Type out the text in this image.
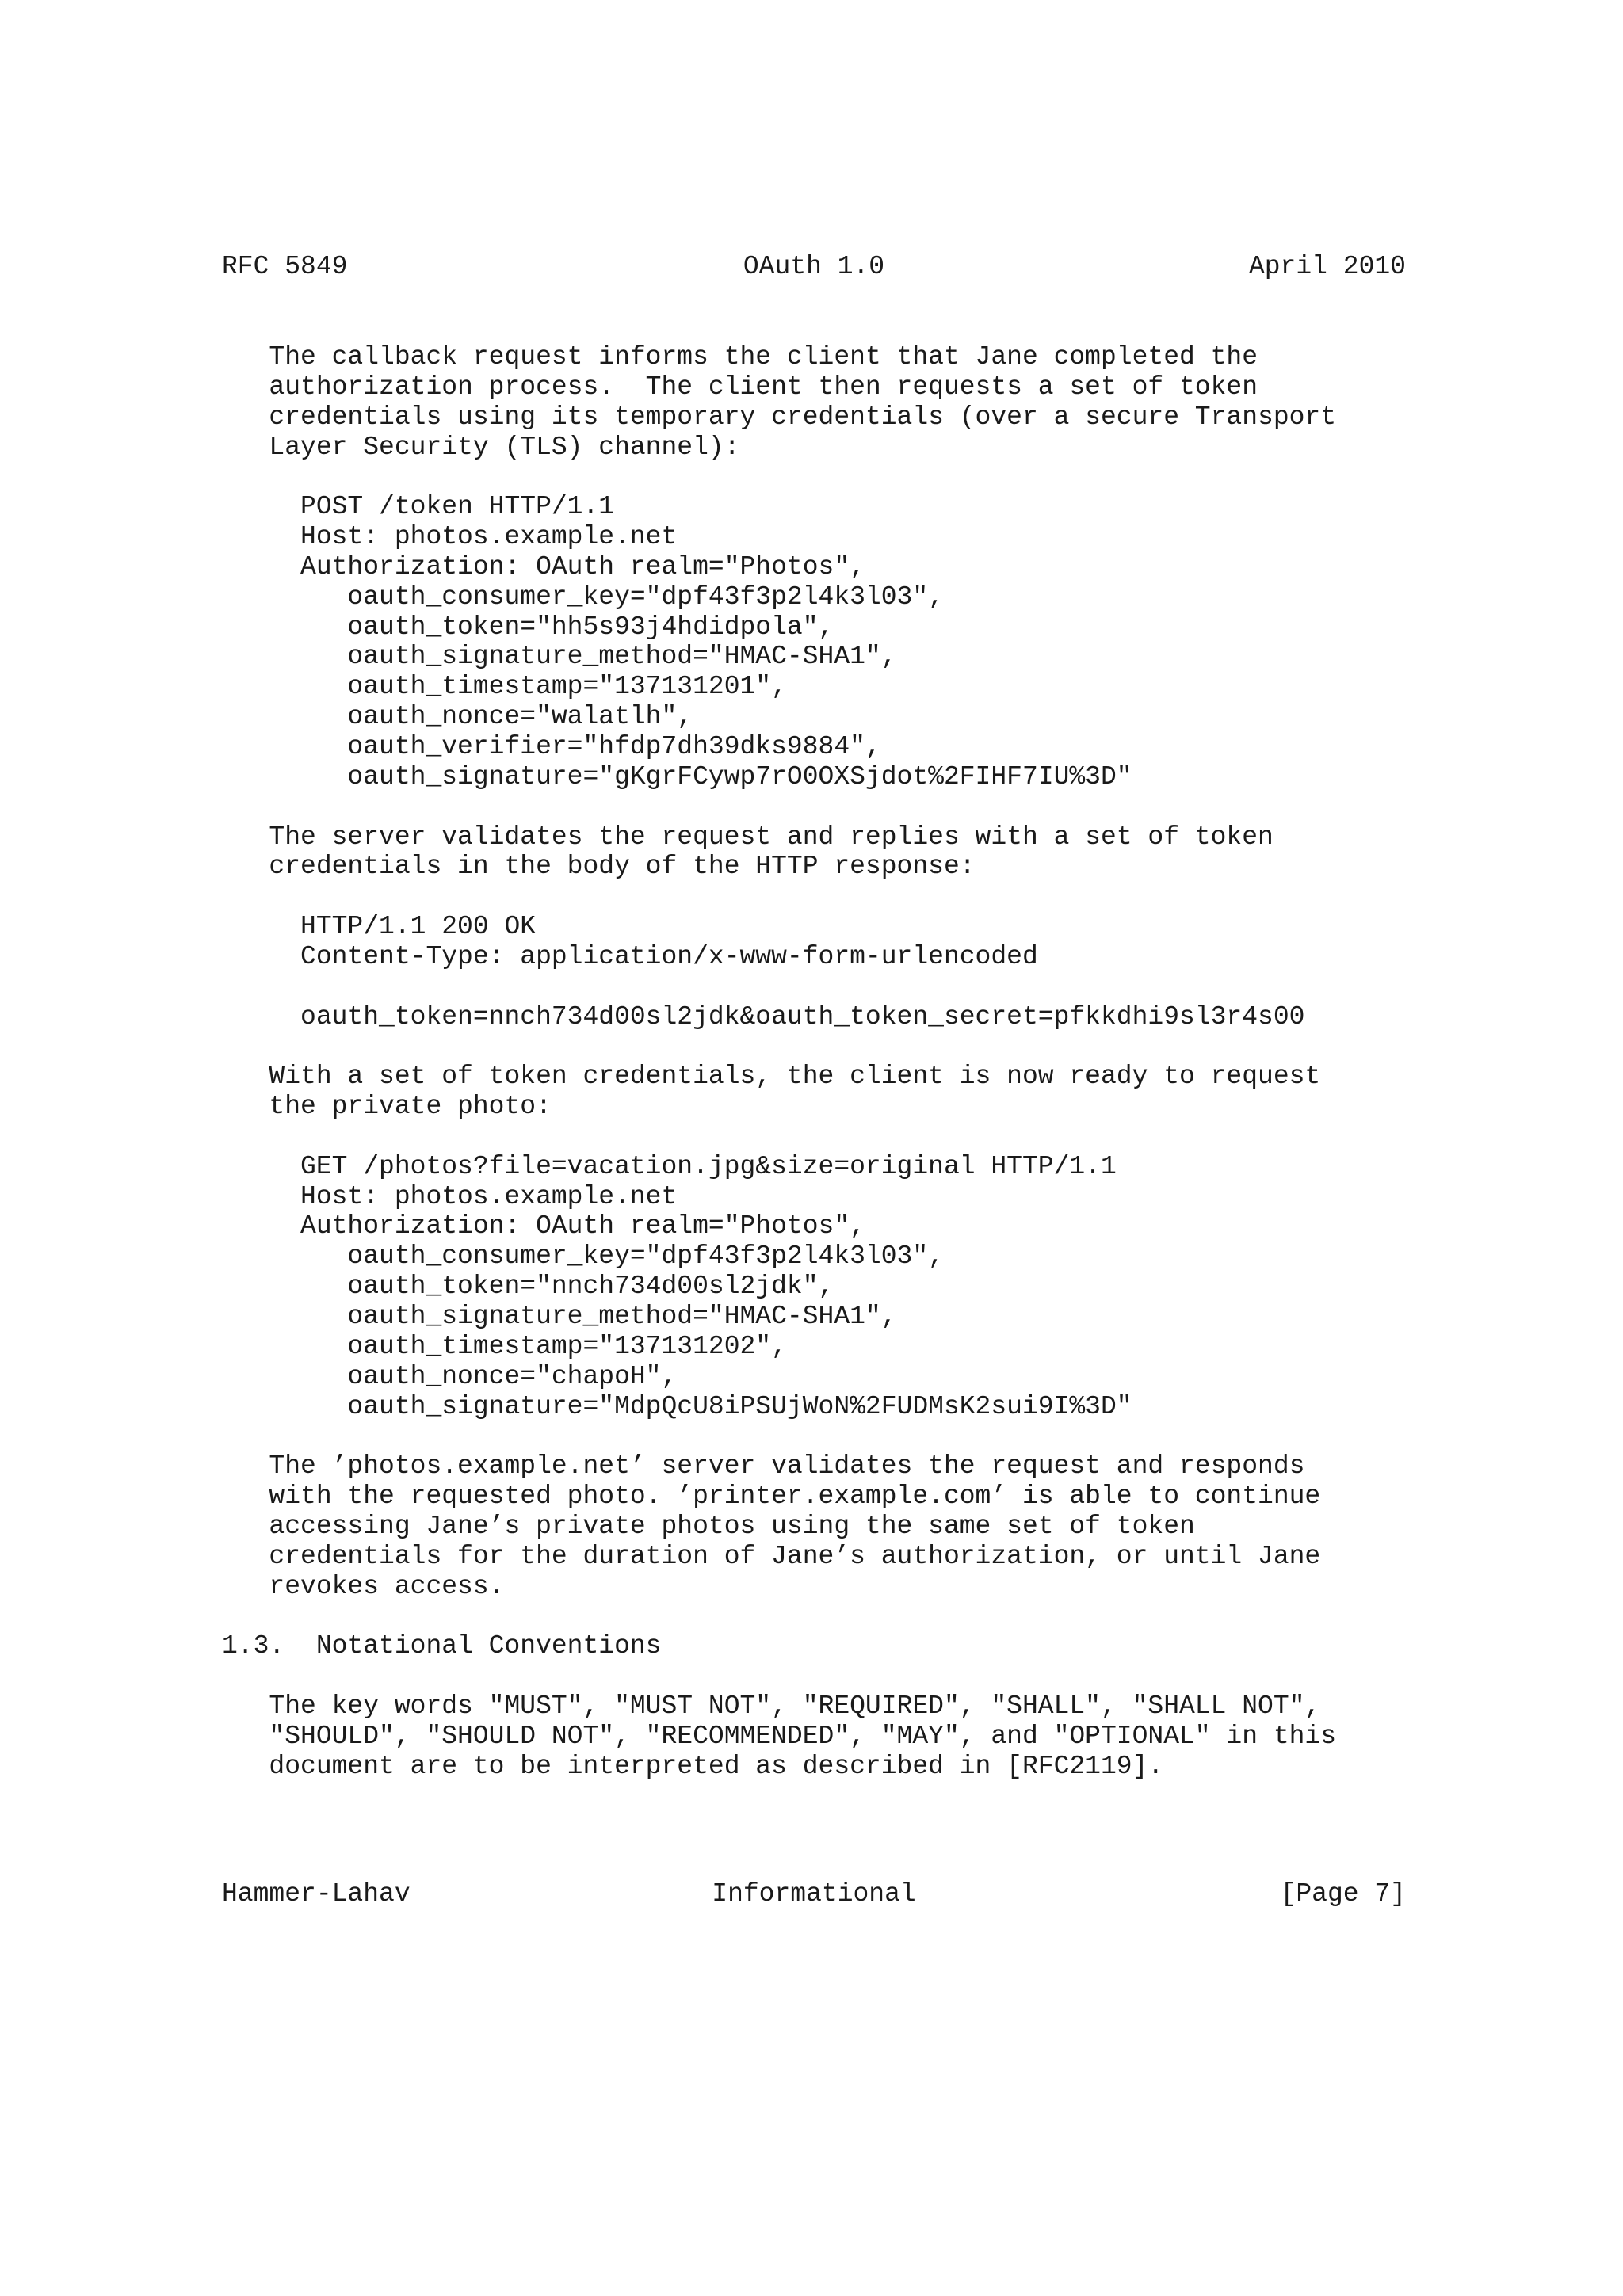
RFC 5849	OAuth 1.0	April 2010
The callback request informs the client that Jane completed the
authorization process.  The client then requests a set of token
credentials using its temporary credentials (over a secure Transport
Layer Security (TLS) channel):
POST /token HTTP/1.1
Host: photos.example.net
Authorization: OAuth realm="Photos",
oauth_consumer_key="dpf43f3p2l4k3l03",
oauth_token="hh5s93j4hdidpola",
oauth_signature_method="HMAC-SHA1",
oauth_timestamp="137131201",
oauth_nonce="walatlh",
oauth_verifier="hfdp7dh39dks9884",
oauth_signature="gKgrFCywp7rO0OXSjdot%2FIHF7IU%3D"
The server validates the request and replies with a set of token
credentials in the body of the HTTP response:
HTTP/1.1 200 OK
Content-Type: application/x-www-form-urlencoded
oauth_token=nnch734d00sl2jdk&oauth_token_secret=pfkkdhi9sl3r4s00
With a set of token credentials, the client is now ready to request
the private photo:
GET /photos?file=vacation.jpg&size=original HTTP/1.1
Host: photos.example.net
Authorization: OAuth realm="Photos",
oauth_consumer_key="dpf43f3p2l4k3l03",
oauth_token="nnch734d00sl2jdk",
oauth_signature_method="HMAC-SHA1",
oauth_timestamp="137131202",
oauth_nonce="chapoH",
oauth_signature="MdpQcU8iPSUjWoN%2FUDMsK2sui9I%3D"
The ’photos.example.net’ server validates the request and responds
with the requested photo. ’printer.example.com’ is able to continue
accessing Jane’s private photos using the same set of token
credentials for the duration of Jane’s authorization, or until Jane
revokes access.
1.3.  Notational Conventions
The key words "MUST", "MUST NOT", "REQUIRED", "SHALL", "SHALL NOT",
"SHOULD", "SHOULD NOT", "RECOMMENDED", "MAY", and "OPTIONAL" in this
document are to be interpreted as described in [RFC2119].
Hammer-Lahav	Informational	[Page 7]
